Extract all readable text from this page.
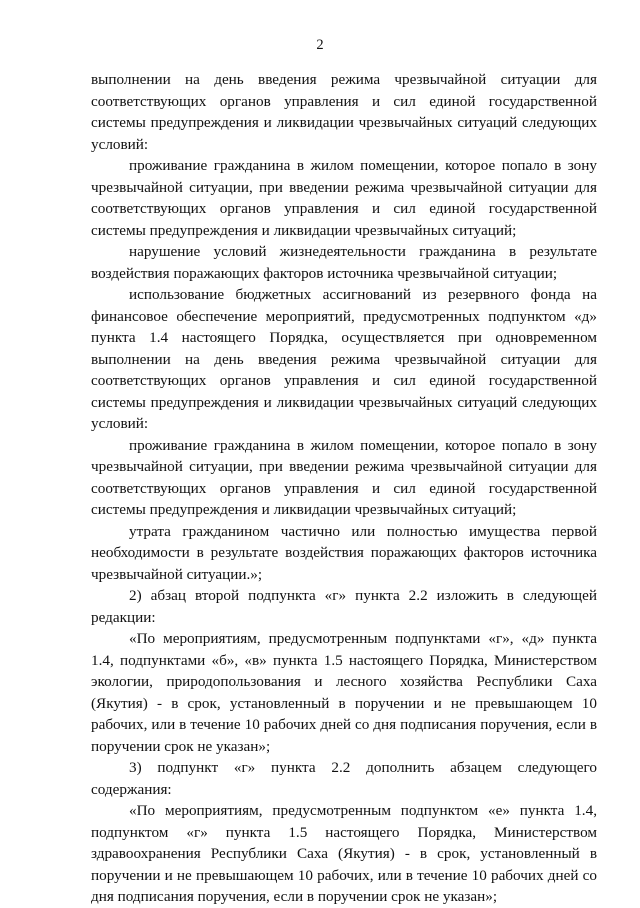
2

выполнении на день введения режима чрезвычайной ситуации для соответствующих органов управления и сил единой государственной системы предупреждения и ликвидации чрезвычайных ситуаций следующих условий:

проживание гражданина в жилом помещении, которое попало в зону чрезвычайной ситуации, при введении режима чрезвычайной ситуации для соответствующих органов управления и сил единой государственной системы предупреждения и ликвидации чрезвычайных ситуаций;

нарушение условий жизнедеятельности гражданина в результате воздействия поражающих факторов источника чрезвычайной ситуации;

использование бюджетных ассигнований из резервного фонда на финансовое обеспечение мероприятий, предусмотренных подпунктом «д» пункта 1.4 настоящего Порядка, осуществляется при одновременном выполнении на день введения режима чрезвычайной ситуации для соответствующих органов управления и сил единой государственной системы предупреждения и ликвидации чрезвычайных ситуаций следующих условий:

проживание гражданина в жилом помещении, которое попало в зону чрезвычайной ситуации, при введении режима чрезвычайной ситуации для соответствующих органов управления и сил единой государственной системы предупреждения и ликвидации чрезвычайных ситуаций;

утрата гражданином частично или полностью имущества первой необходимости в результате воздействия поражающих факторов источника чрезвычайной ситуации.»;

2) абзац второй подпункта «г» пункта 2.2 изложить в следующей редакции:

«По мероприятиям, предусмотренным подпунктами «г», «д» пункта 1.4, подпунктами «б», «в» пункта 1.5 настоящего Порядка, Министерством экологии, природопользования и лесного хозяйства Республики Саха (Якутия) - в срок, установленный в поручении и не превышающем 10 рабочих, или в течение 10 рабочих дней со дня подписания поручения, если в поручении срок не указан»;

3) подпункт «г» пункта 2.2 дополнить абзацем следующего содержания:

«По мероприятиям, предусмотренным подпунктом «е» пункта 1.4, подпунктом «г» пункта 1.5 настоящего Порядка, Министерством здравоохранения Республики Саха (Якутия) - в срок, установленный в поручении и не превышающем 10 рабочих, или в течение 10 рабочих дней со дня подписания поручения, если в поручении срок не указан»;
